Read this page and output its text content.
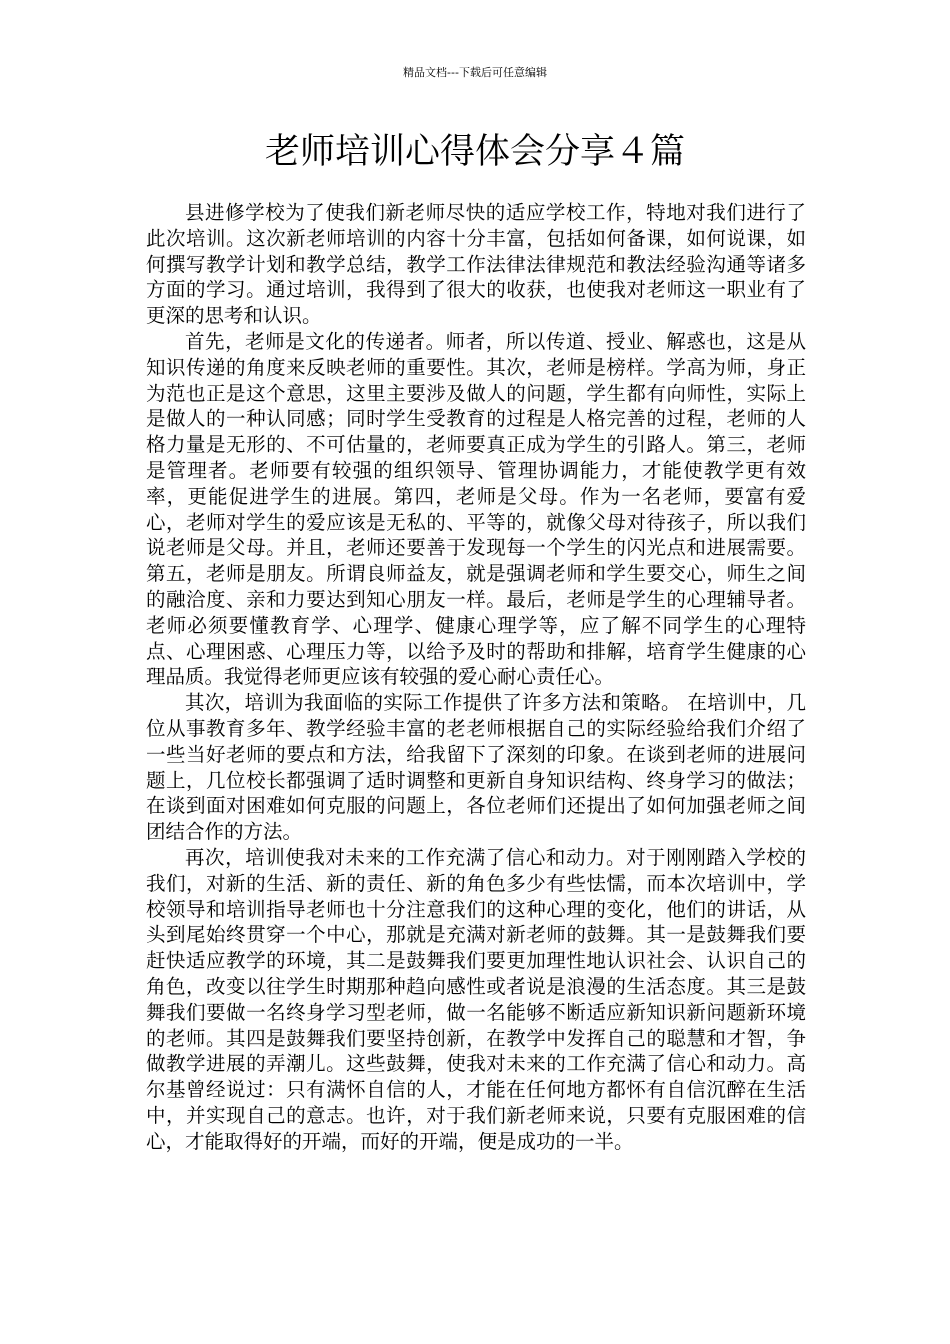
精品文档---下载后可任意编辑
老师培训心得体会分享４篇

县进修学校为了使我们新老师尽快的适应学校工作，特地对我们进行了此次培训。这次新老师培训的内容十分丰富，包括如何备课，如何说课，如何撰写教学计划和教学总结，教学工作法律法律规范和教法经验沟通等诸多方面的学习。通过培训，我得到了很大的收获，也使我对老师这一职业有了更深的思考和认识。

首先，老师是文化的传递者。师者，所以传道、授业、解惑也，这是从知识传递的角度来反映老师的重要性。其次，老师是榜样。学高为师，身正为范也正是这个意思，这里主要涉及做人的问题，学生都有向师性，实际上是做人的一种认同感；同时学生受教育的过程是人格完善的过程，老师的人格力量是无形的、不可估量的，老师要真正成为学生的引路人。第三，老师是管理者。老师要有较强的组织领导、管理协调能力，才能使教学更有效率，更能促进学生的进展。第四，老师是父母。作为一名老师，要富有爱心，老师对学生的爱应该是无私的、平等的，就像父母对待孩子，所以我们说老师是父母。并且，老师还要善于发现每一个学生的闪光点和进展需要。第五，老师是朋友。所谓良师益友，就是强调老师和学生要交心，师生之间的融洽度、亲和力要达到知心朋友一样。最后，老师是学生的心理辅导者。老师必须要懂教育学、心理学、健康心理学等，应了解不同学生的心理特点、心理困惑、心理压力等，以给予及时的帮助和排解，培育学生健康的心理品质。我觉得老师更应该有较强的爱心耐心责任心。

其次，培训为我面临的实际工作提供了许多方法和策略。 在培训中，几位从事教育多年、教学经验丰富的老老师根据自己的实际经验给我们介绍了一些当好老师的要点和方法，给我留下了深刻的印象。在谈到老师的进展问题上，几位校长都强调了适时调整和更新自身知识结构、终身学习的做法；在谈到面对困难如何克服的问题上，各位老师们还提出了如何加强老师之间团结合作的方法。

再次，培训使我对未来的工作充满了信心和动力。对于刚刚踏入学校的我们，对新的生活、新的责任、新的角色多少有些怯懦，而本次培训中，学校领导和培训指导老师也十分注意我们的这种心理的变化，他们的讲话，从头到尾始终贯穿一个中心，那就是充满对新老师的鼓舞。其一是鼓舞我们要赶快适应教学的环境，其二是鼓舞我们要更加理性地认识社会、认识自己的角色，改变以往学生时期那种趋向感性或者说是浪漫的生活态度。其三是鼓舞我们要做一名终身学习型老师，做一名能够不断适应新知识新问题新环境的老师。其四是鼓舞我们要坚持创新，在教学中发挥自己的聪慧和才智，争做教学进展的弄潮儿。这些鼓舞，使我对未来的工作充满了信心和动力。高尔基曾经说过：只有满怀自信的人，才能在任何地方都怀有自信沉醉在生活中，并实现自己的意志。也许，对于我们新老师来说，只要有克服困难的信心，才能取得好的开端，而好的开端，便是成功的一半。
